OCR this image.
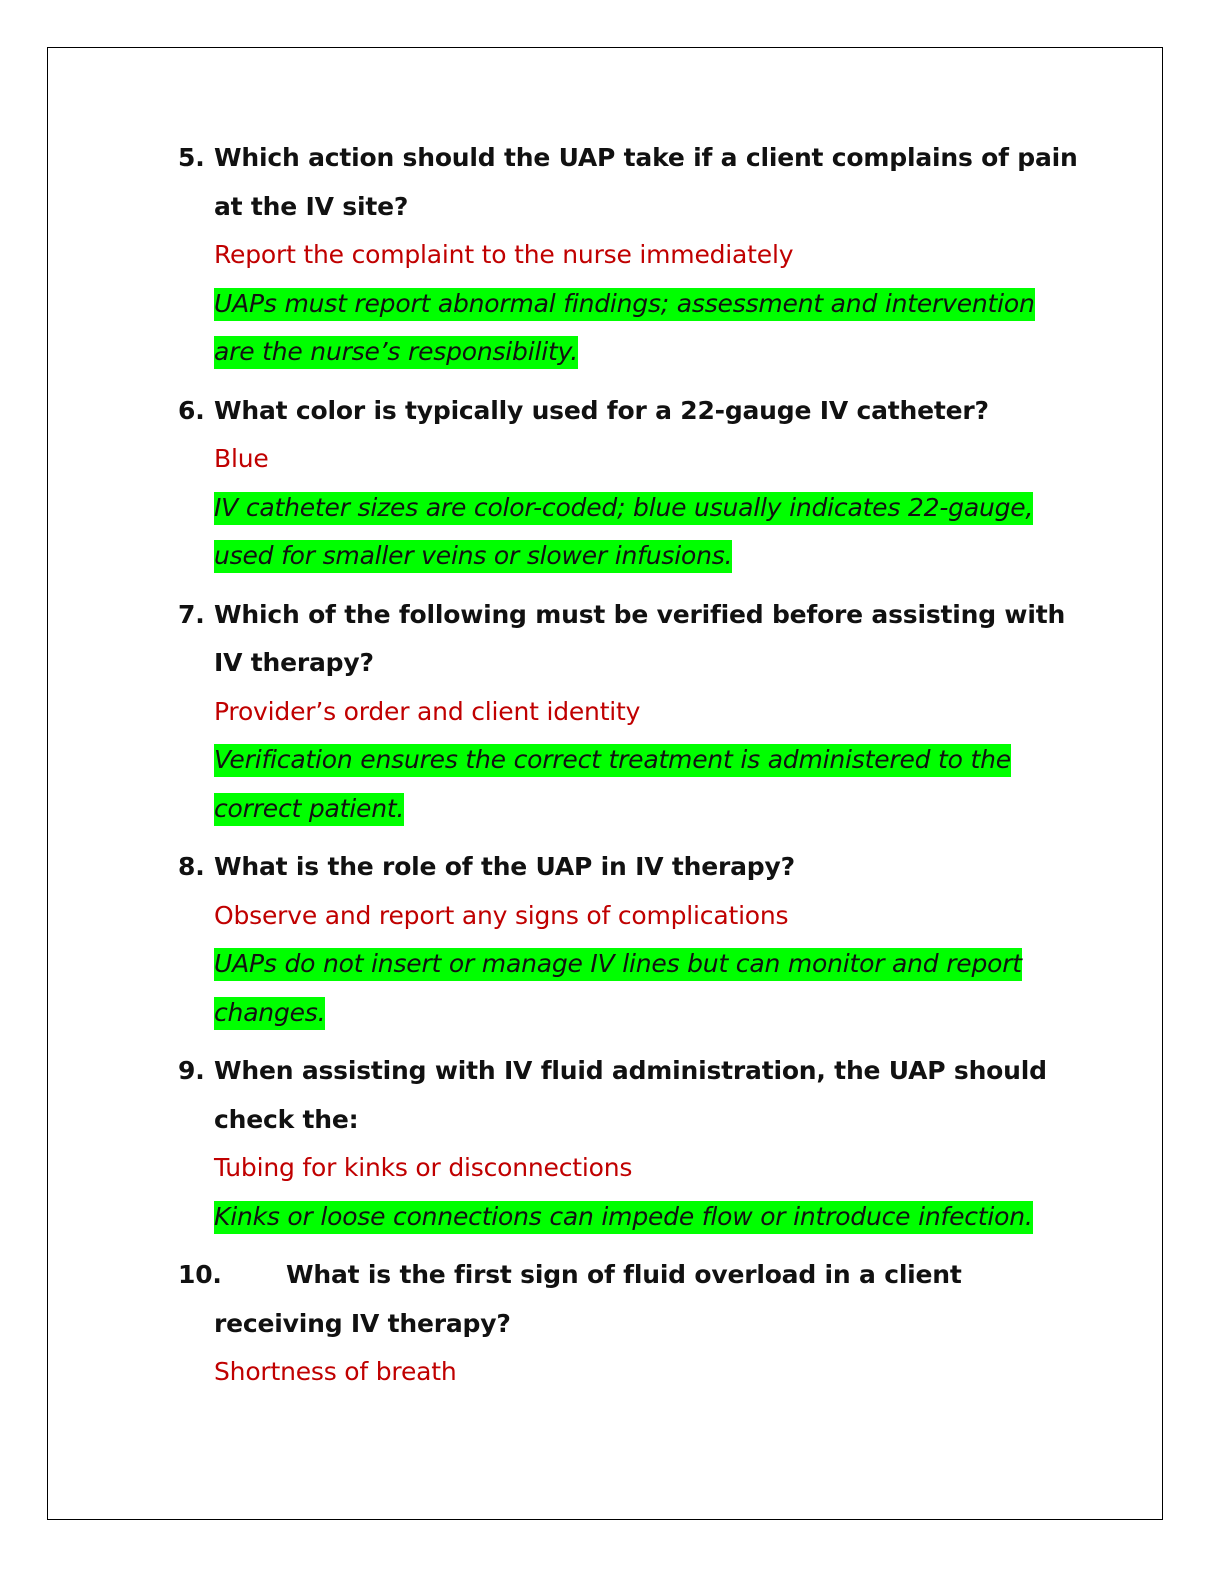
5. Which action should the UAP take if a client complains of pain at the IV site?
Report the complaint to the nurse immediately
UAPs must report abnormal findings; assessment and intervention are the nurse’s responsibility.
6. What color is typically used for a 22-gauge IV catheter?
Blue
IV catheter sizes are color-coded; blue usually indicates 22-gauge, used for smaller veins or slower infusions.
7. Which of the following must be verified before assisting with IV therapy?
Provider’s order and client identity
Verification ensures the correct treatment is administered to the correct patient.
8. What is the role of the UAP in IV therapy?
Observe and report any signs of complications
UAPs do not insert or manage IV lines but can monitor and report changes.
9. When assisting with IV fluid administration, the UAP should check the:
Tubing for kinks or disconnections
Kinks or loose connections can impede flow or introduce infection.
10.	What is the first sign of fluid overload in a client receiving IV therapy?
Shortness of breath
